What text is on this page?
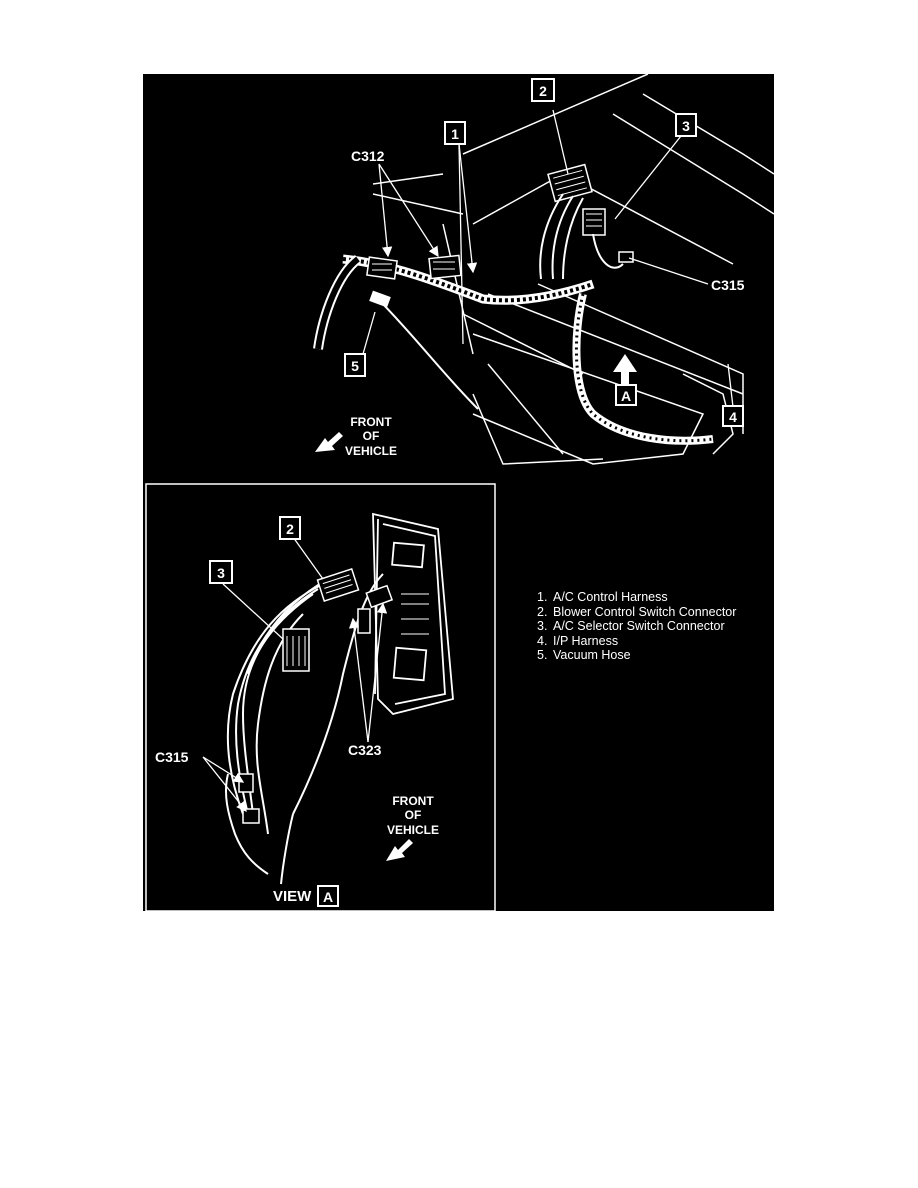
1
2
3
4
5
A
C312
C315
FRONT
OF
VEHICLE
2
3
C315	C323
FRONT
OF
VEHICLE
VIEW A
1. A/C Control Harness
2. Blower Control Switch Connector
3. A/C Selector Switch Connector
4. I/P Harness
5. Vacuum Hose
